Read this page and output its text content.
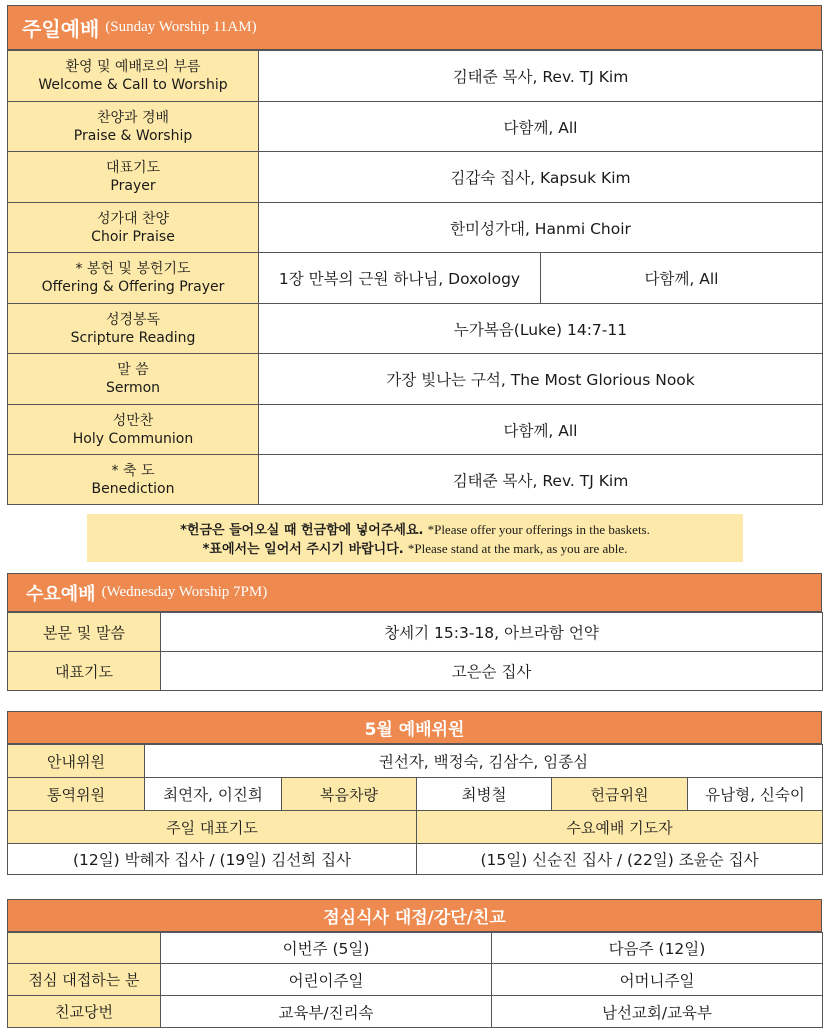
주일예배 (Sunday Worship 11AM)
환영 및 예배로의 부름
Welcome & Call to Worship	김태준 목사, Rev. TJ Kim	

찬양과 경배
Praise & Worship	다함께, All	

대표기도
Prayer	김갑숙 집사, Kapsuk Kim	

성가대 찬양
Choir Praise	한미성가대, Hanmi Choir	

* 봉헌 및 봉헌기도
Offering & Offering Prayer	1장 만복의 근원 하나님, Doxology	다함께, All

성경봉독
Scripture Reading	누가복음(Luke) 14:7-11	

말 씀
Sermon	가장 빛나는 구석, The Most Glorious Nook	

성만찬
Holy Communion	다함께, All	

* 축 도
Benediction	김태준 목사, Rev. TJ Kim	
*헌금은 들어오실 때 헌금함에 넣어주세요. *Please offer your offerings in the baskets.
*표에서는 일어서 주시기 바랍니다. *Please stand at the mark, as you are able.
수요예배 (Wednesday Worship 7PM)
본문 및 말씀	창세기 15:3-18, 아브라함 언약
대표기도	고은순 집사
5월 예배위원
안내위원	권선자, 백정숙, 김삼수, 임종심				
통역위원	최연자, 이진희	복음차량	최병철	헌금위원	유남형, 신숙이
주일 대표기도			수요예배 기도자		
(12일) 박혜자 집사 / (19일) 김선희 집사			(15일) 신순진 집사 / (22일) 조윤순 집사		
점심식사 대접/강단/친교
	이번주 (5일)	다음주 (12일)
점심 대접하는 분	어린이주일	어머니주일
친교당번	교육부/진리속	남선교회/교육부
